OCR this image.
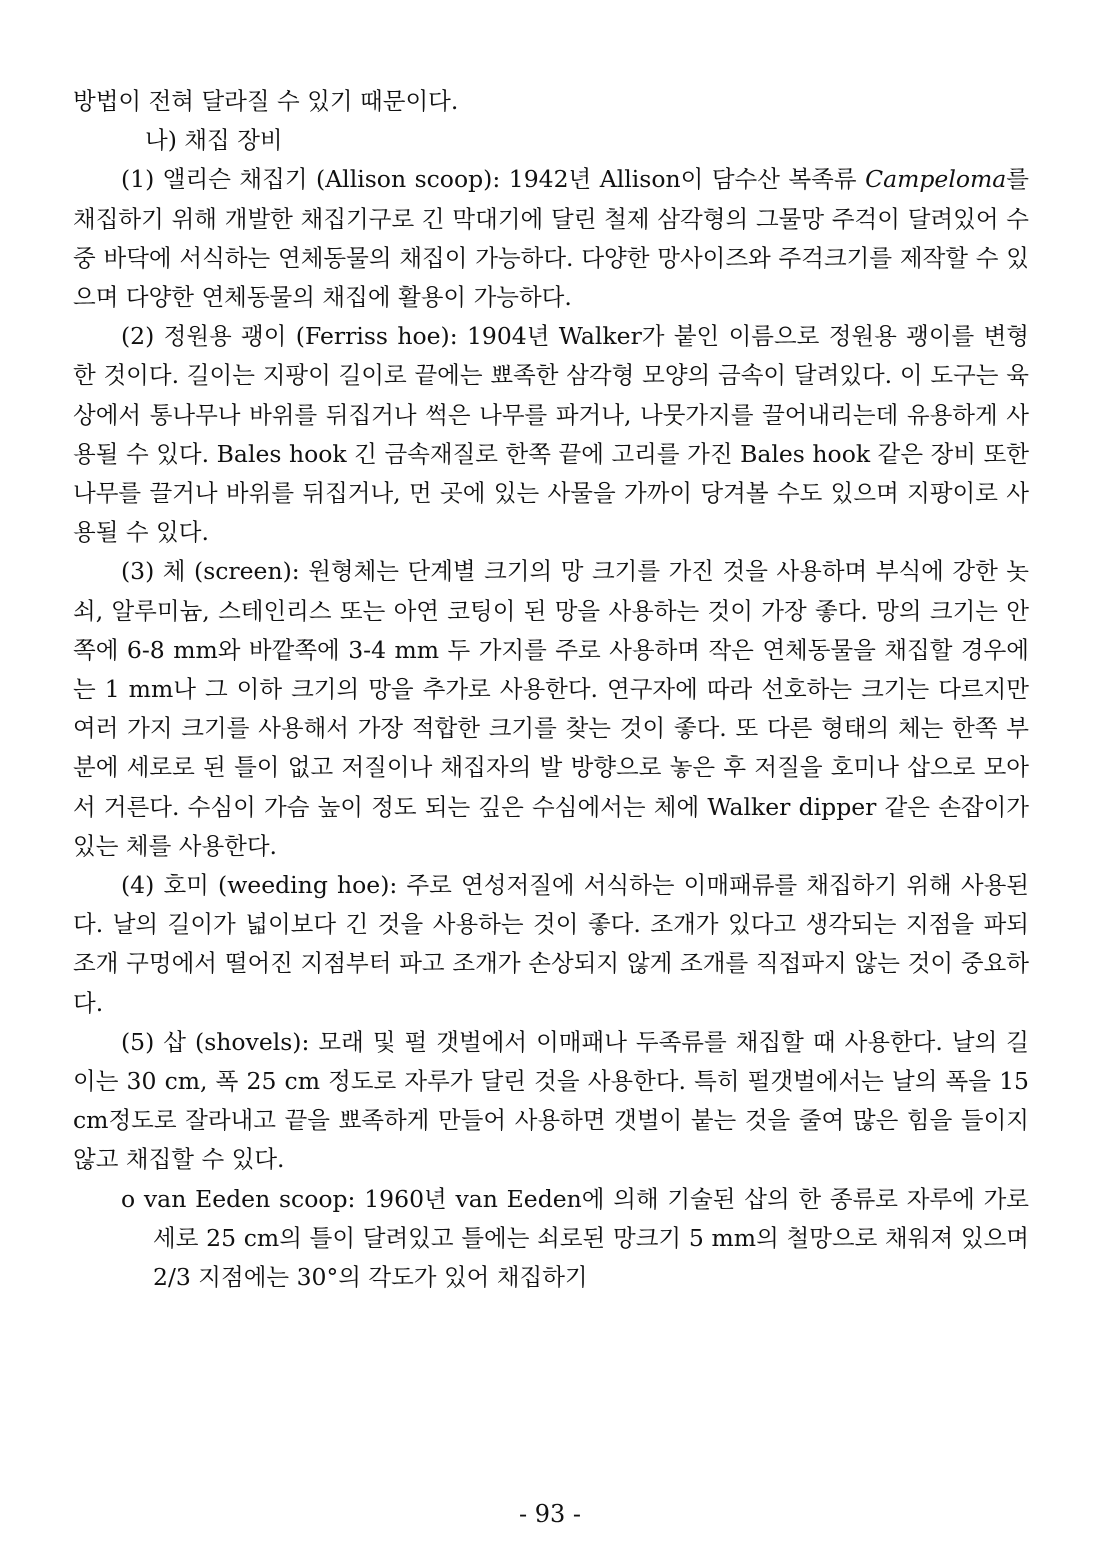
방법이 전혀 달라질 수 있기 때문이다.

나) 채집 장비

(1) 앨리슨 채집기 (Allison scoop): 1942년 Allison이 담수산 복족류 Campeloma를 채집하기 위해 개발한 채집기구로 긴 막대기에 달린 철제 삼각형의 그물망 주걱이 달려있어 수중 바닥에 서식하는 연체동물의 채집이 가능하다. 다양한 망사이즈와 주걱크기를 제작할 수 있으며 다양한 연체동물의 채집에 활용이 가능하다.

(2) 정원용 괭이 (Ferriss hoe): 1904년 Walker가 붙인 이름으로 정원용 괭이를 변형한 것이다. 길이는 지팡이 길이로 끝에는 뾰족한 삼각형 모양의 금속이 달려있다. 이 도구는 육상에서 통나무나 바위를 뒤집거나 썩은 나무를 파거나, 나뭇가지를 끌어내리는데 유용하게 사용될 수 있다. Bales hook 긴 금속재질로 한쪽 끝에 고리를 가진 Bales hook 같은 장비 또한 나무를 끌거나 바위를 뒤집거나, 먼 곳에 있는 사물을 가까이 당겨볼 수도 있으며 지팡이로 사용될 수 있다.

(3) 체 (screen): 원형체는 단계별 크기의 망 크기를 가진 것을 사용하며 부식에 강한 놋쇠, 알루미늄, 스테인리스 또는 아연 코팅이 된 망을 사용하는 것이 가장 좋다. 망의 크기는 안쪽에 6-8 mm와 바깥쪽에 3-4 mm 두 가지를 주로 사용하며 작은 연체동물을 채집할 경우에는 1 mm나 그 이하 크기의 망을 추가로 사용한다. 연구자에 따라 선호하는 크기는 다르지만 여러 가지 크기를 사용해서 가장 적합한 크기를 찾는 것이 좋다. 또 다른 형태의 체는 한쪽 부분에 세로로 된 틀이 없고 저질이나 채집자의 발 방향으로 놓은 후 저질을 호미나 삽으로 모아서 거른다. 수심이 가슴 높이 정도 되는 깊은 수심에서는 체에 Walker dipper 같은 손잡이가 있는 체를 사용한다.

(4) 호미 (weeding hoe): 주로 연성저질에 서식하는 이매패류를 채집하기 위해 사용된다. 날의 길이가 넓이보다 긴 것을 사용하는 것이 좋다. 조개가 있다고 생각되는 지점을 파되 조개 구멍에서 떨어진 지점부터 파고 조개가 손상되지 않게 조개를 직접파지 않는 것이 중요하다.

(5) 삽 (shovels): 모래 및 펄 갯벌에서 이매패나 두족류를 채집할 때 사용한다. 날의 길이는 30 cm, 폭 25 cm 정도로 자루가 달린 것을 사용한다. 특히 펄갯벌에서는 날의 폭을 15 cm정도로 잘라내고 끝을 뾰족하게 만들어 사용하면 갯벌이 붙는 것을 줄여 많은 힘을 들이지 않고 채집할 수 있다.

o van Eeden scoop: 1960년 van Eeden에 의해 기술된 삽의 한 종류로 자루에 가로세로 25 cm의 틀이 달려있고 틀에는 쇠로된 망크기 5 mm의 철망으로 채워져 있으며 2/3 지점에는 30°의 각도가 있어 채집하기

- 93 -
